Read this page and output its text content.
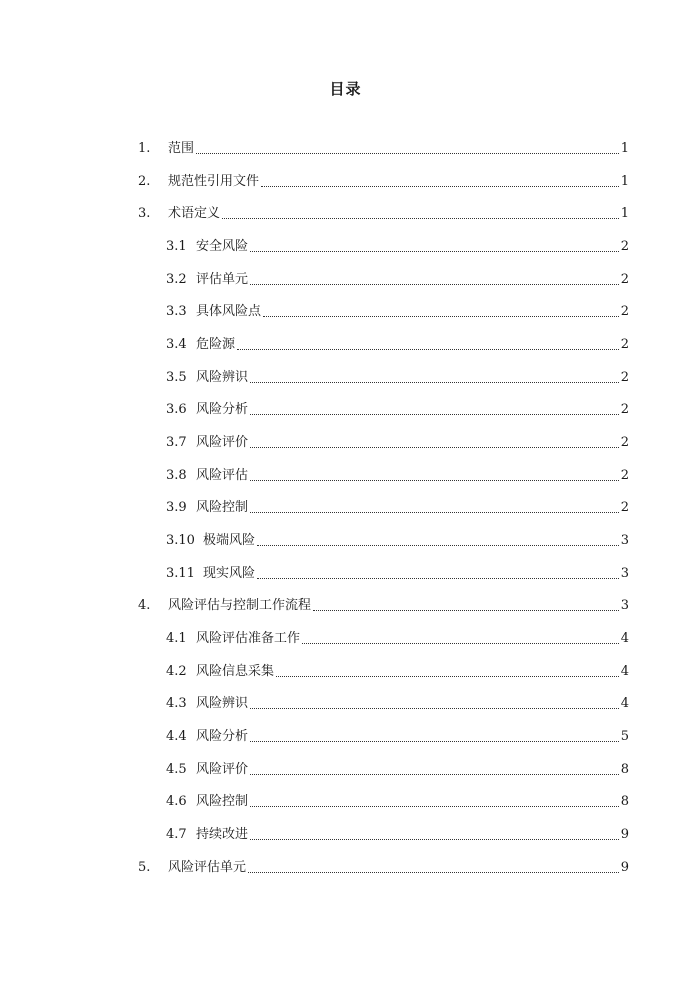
目录
1.	范围	1
2.	规范性引用文件	1
3.	术语定义	1
3.1 安全风险	2
3.2 评估单元	2
3.3 具体风险点	2
3.4 危险源	2
3.5 风险辨识	2
3.6 风险分析	2
3.7 风险评价	2
3.8 风险评估	2
3.9 风险控制	2
3.10 极端风险	3
3.11 现实风险	3
4.	风险评估与控制工作流程	3
4.1 风险评估准备工作	4
4.2 风险信息采集	4
4.3 风险辨识	4
4.4 风险分析	5
4.5 风险评价	8
4.6 风险控制	8
4.7 持续改进	9
5.	风险评估单元	9
